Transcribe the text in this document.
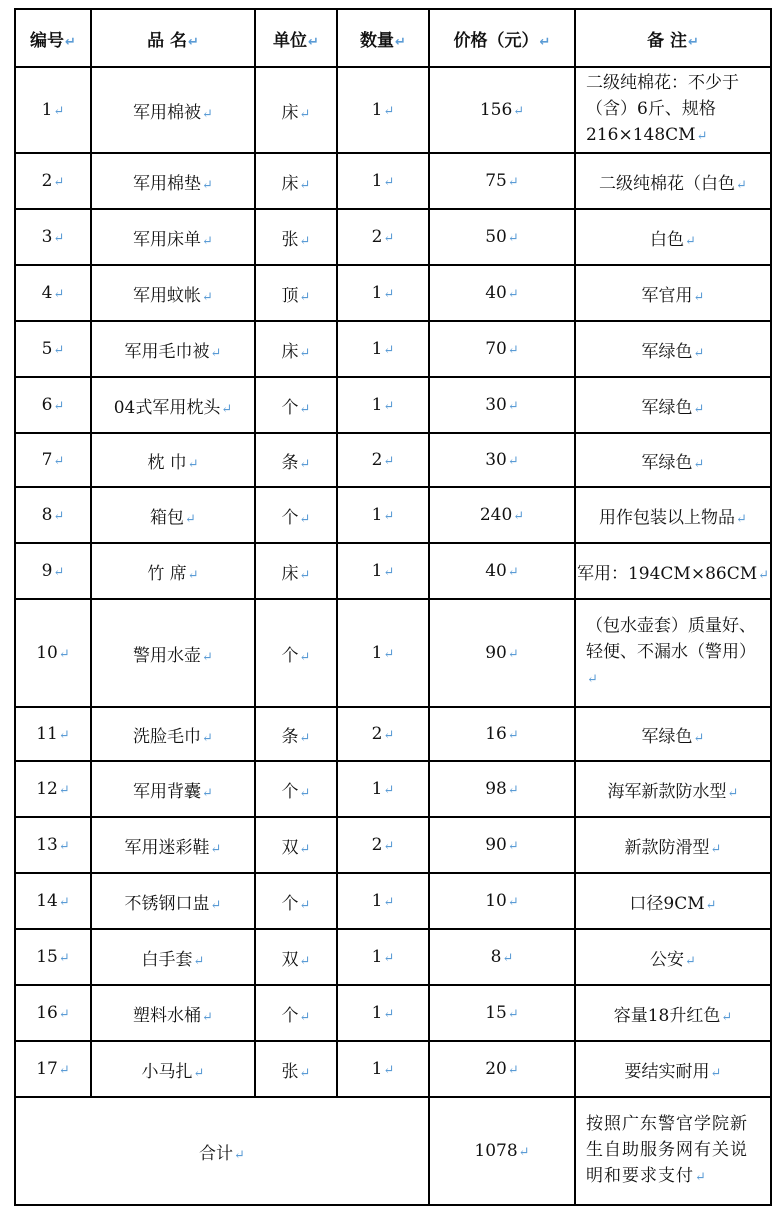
编号↵	品 名↵	单位↵	数量↵	价格（元）↵	备 注↵
1↵	军用棉被↵	床↵	1↵	156↵	二级纯棉花：不少于（含）6斤、规格216×148CM↵
2↵	军用棉垫↵	床↵	1↵	75↵	二级纯棉花（白色↵
3↵	军用床单↵	张↵	2↵	50↵	白色↵
4↵	军用蚊帐↵	顶↵	1↵	40↵	军官用↵
5↵	军用毛巾被↵	床↵	1↵	70↵	军绿色↵
6↵	04式军用枕头↵	个↵	1↵	30↵	军绿色↵
7↵	枕 巾↵	条↵	2↵	30↵	军绿色↵
8↵	箱包↵	个↵	1↵	240↵	用作包装以上物品↵
9↵	竹 席↵	床↵	1↵	40↵	军用：194CM×86CM↵
10↵	警用水壶↵	个↵	1↵	90↵	（包水壶套）质量好、轻便、不漏水（警用）↵
11↵	洗脸毛巾↵	条↵	2↵	16↵	军绿色↵
12↵	军用背囊↵	个↵	1↵	98↵	海军新款防水型↵
13↵	军用迷彩鞋↵	双↵	2↵	90↵	新款防滑型↵
14↵	不锈钢口盅↵	个↵	1↵	10↵	口径9CM↵
15↵	白手套↵	双↵	1↵	8↵	公安↵
16↵	塑料水桶↵	个↵	1↵	15↵	容量18升红色↵
17↵	小马扎↵	张↵	1↵	20↵	要结实耐用↵
合计↵				1078↵	按照广东警官学院新生自助服务网有关说明和要求支付↵
